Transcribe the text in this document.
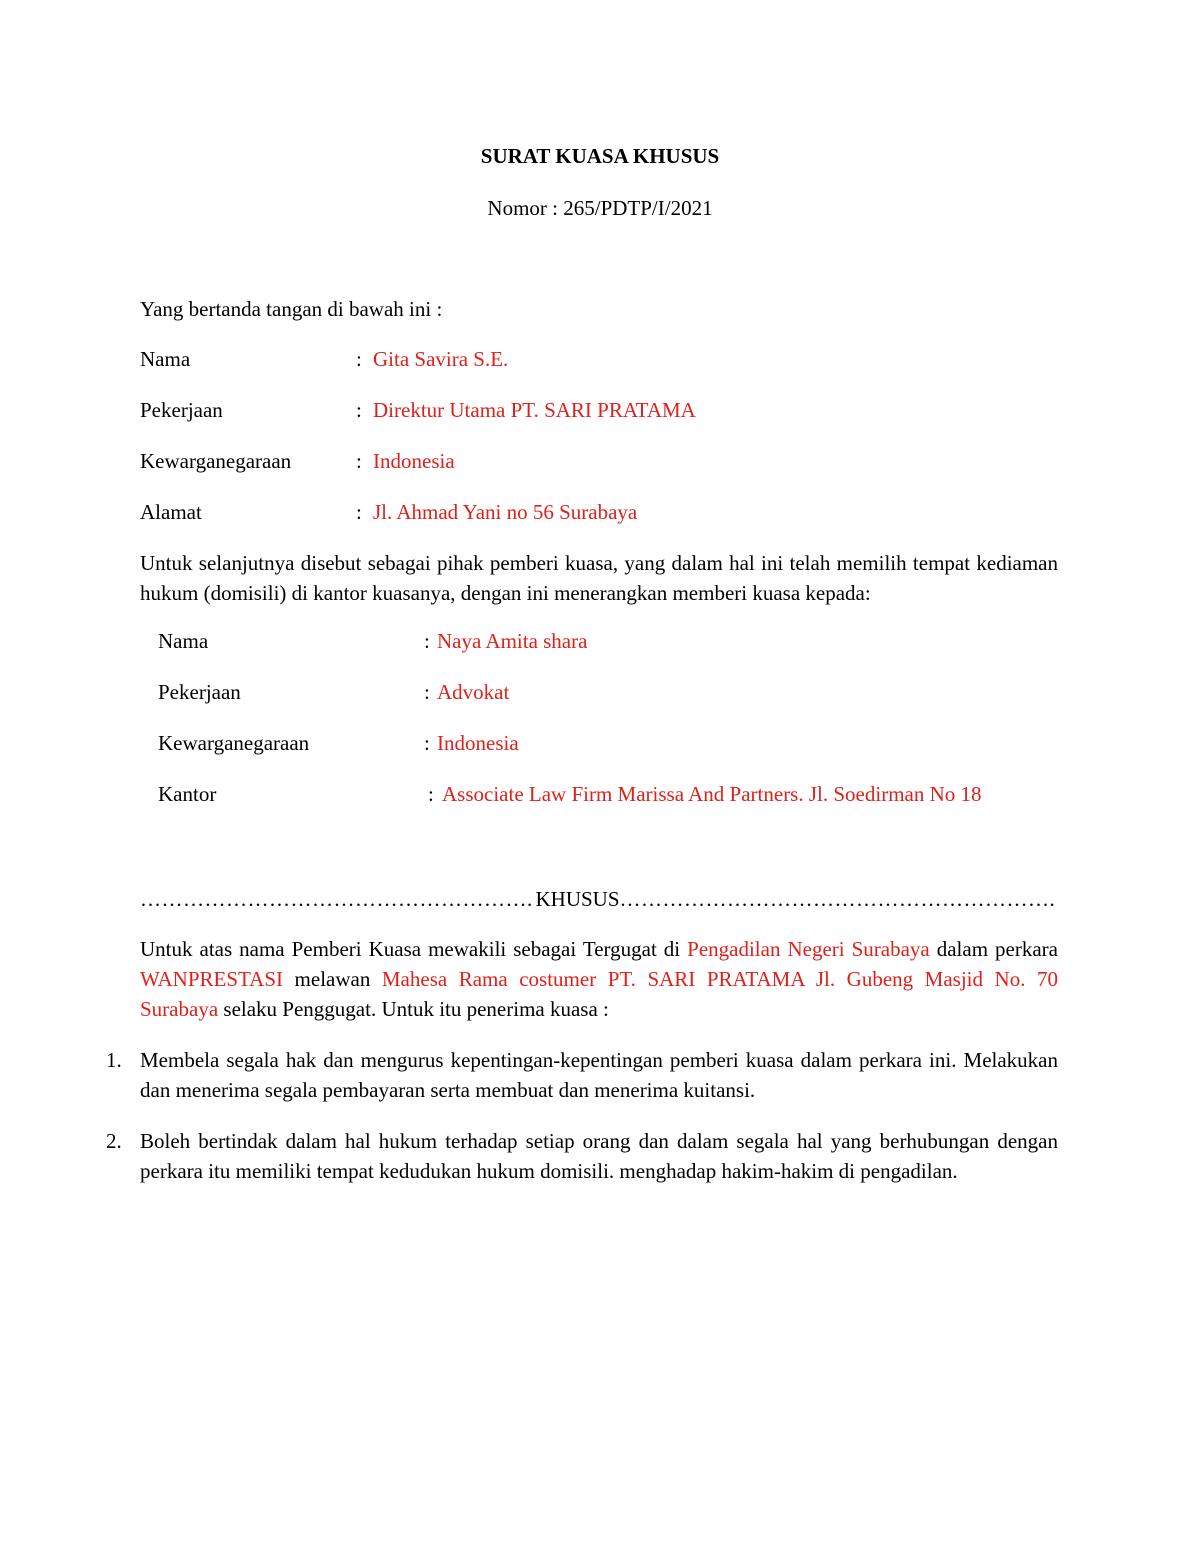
SURAT KUASA KHUSUS
Nomor : 265/PDTP/I/2021
Yang bertanda tangan di bawah ini :
Nama	: Gita Savira S.E.
Pekerjaan	: Direktur Utama PT. SARI PRATAMA
Kewarganegaraan	: Indonesia
Alamat	: Jl. Ahmad Yani no 56 Surabaya
Untuk selanjutnya disebut sebagai pihak pemberi kuasa, yang dalam hal ini telah memilih tempat kediaman hukum (domisili) di kantor kuasanya, dengan ini menerangkan memberi kuasa kepada:
Nama	: Naya Amita shara
Pekerjaan	: Advokat
Kewarganegaraan	: Indonesia
Kantor	: Associate Law Firm Marissa And Partners. Jl. Soedirman No 18
………………………………………………. KHUSUS …………………………………………………….
Untuk atas nama Pemberi Kuasa mewakili sebagai Tergugat di Pengadilan Negeri Surabaya dalam perkara WANPRESTASI melawan Mahesa Rama costumer PT. SARI PRATAMA Jl. Gubeng Masjid No. 70 Surabaya selaku Penggugat. Untuk itu penerima kuasa :
1. Membela segala hak dan mengurus kepentingan-kepentingan pemberi kuasa dalam perkara ini. Melakukan dan menerima segala pembayaran serta membuat dan menerima kuitansi.
2. Boleh bertindak dalam hal hukum terhadap setiap orang dan dalam segala hal yang berhubungan dengan perkara itu memiliki tempat kedudukan hukum domisili. menghadap hakim-hakim di pengadilan.
